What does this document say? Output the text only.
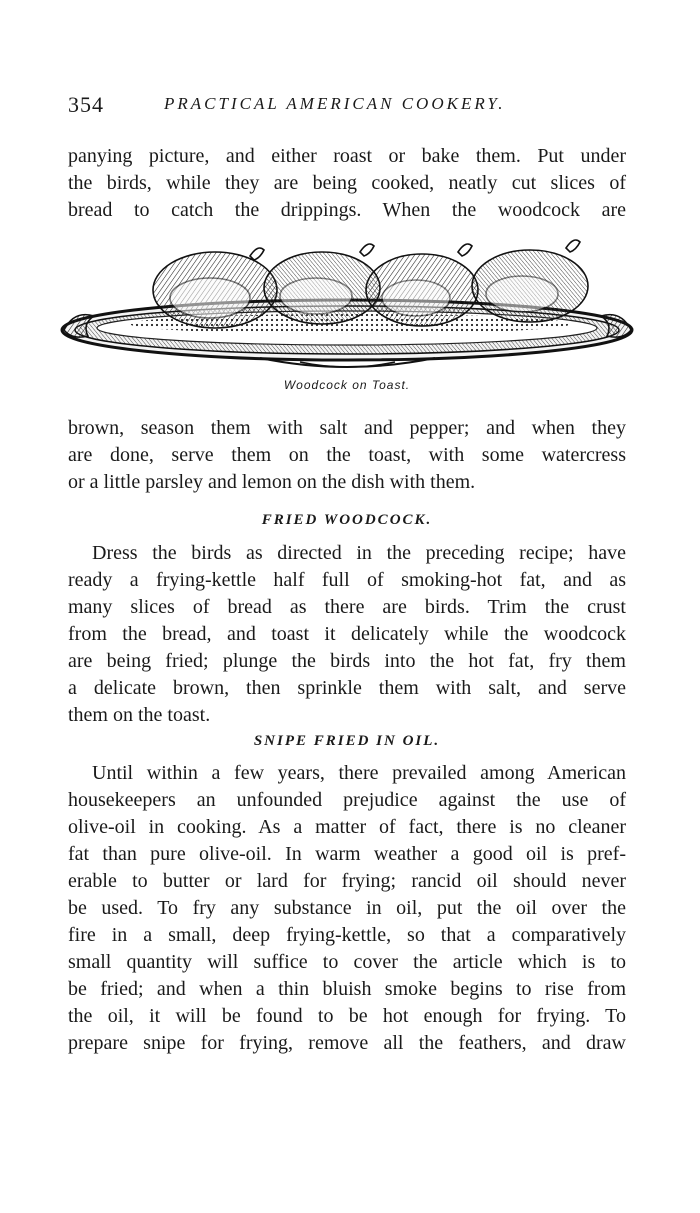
354	PRACTICAL AMERICAN COOKERY.
panying picture, and either roast or bake them. Put under
the birds, while they are being cooked, neatly cut slices of
bread to catch the drippings. When the woodcock are
Woodcock on Toast.
brown, season them with salt and pepper; and when they
are done, serve them on the toast, with some watercress
or a little parsley and lemon on the dish with them.
FRIED WOODCOCK.
Dress the birds as directed in the preceding recipe; have
ready a frying-kettle half full of smoking-hot fat, and as
many slices of bread as there are birds. Trim the crust
from the bread, and toast it delicately while the woodcock
are being fried; plunge the birds into the hot fat, fry them
a delicate brown, then sprinkle them with salt, and serve
them on the toast.
SNIPE FRIED IN OIL.
Until within a few years, there prevailed among American
housekeepers an unfounded prejudice against the use of
olive-oil in cooking. As a matter of fact, there is no cleaner
fat than pure olive-oil. In warm weather a good oil is pref-
erable to butter or lard for frying; rancid oil should never
be used. To fry any substance in oil, put the oil over the
fire in a small, deep frying-kettle, so that a comparatively
small quantity will suffice to cover the article which is to
be fried; and when a thin bluish smoke begins to rise from
the oil, it will be found to be hot enough for frying. To
prepare snipe for frying, remove all the feathers, and draw
